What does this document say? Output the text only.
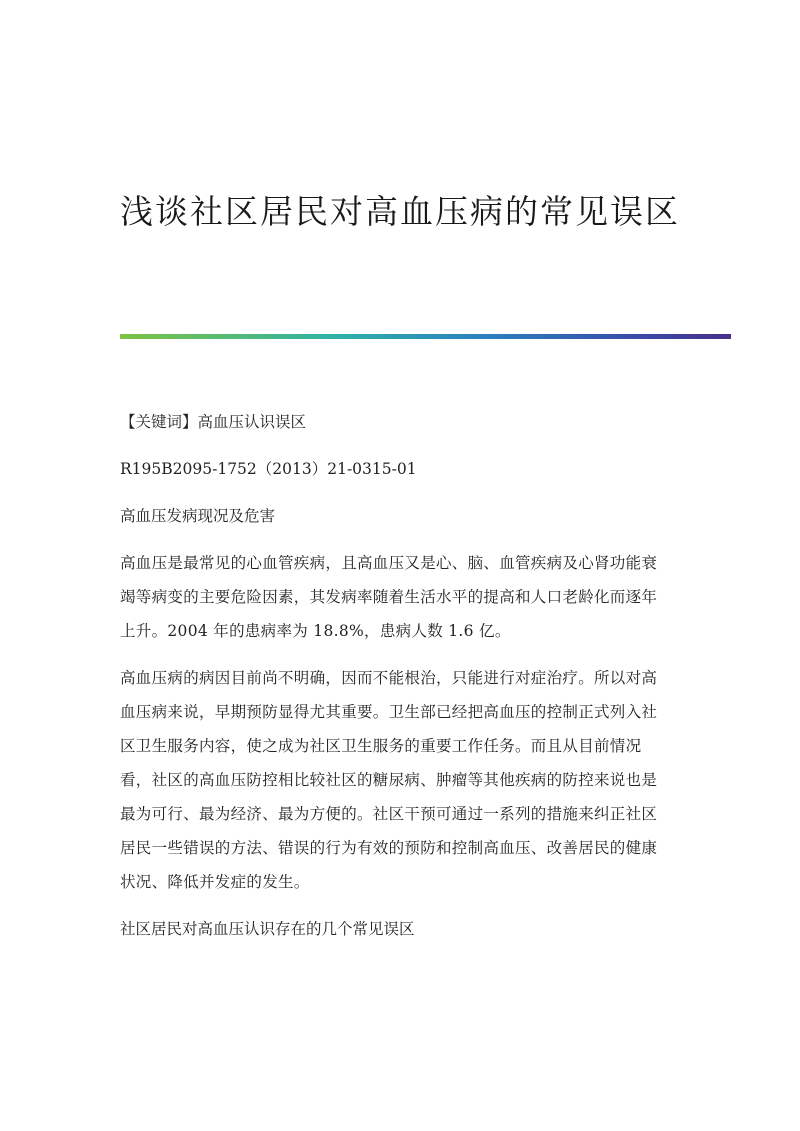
浅谈社区居民对高血压病的常见误区

【关键词】高血压认识误区

R195B2095-1752（2013）21-0315-01

高血压发病现况及危害

高血压是最常见的心血管疾病，且高血压又是心、脑、血管疾病及心肾功能衰

竭等病变的主要危险因素，其发病率随着生活水平的提高和人口老龄化而逐年

上升。2004 年的患病率为 18.8%，患病人数 1.6 亿。

高血压病的病因目前尚不明确，因而不能根治，只能进行对症治疗。所以对高

血压病来说，早期预防显得尤其重要。卫生部已经把高血压的控制正式列入社

区卫生服务内容，使之成为社区卫生服务的重要工作任务。而且从目前情况

看，社区的高血压防控相比较社区的糖尿病、肿瘤等其他疾病的防控来说也是

最为可行、最为经济、最为方便的。社区干预可通过一系列的措施来纠正社区

居民一些错误的方法、错误的行为有效的预防和控制高血压、改善居民的健康

状况、降低并发症的发生。

社区居民对高血压认识存在的几个常见误区
